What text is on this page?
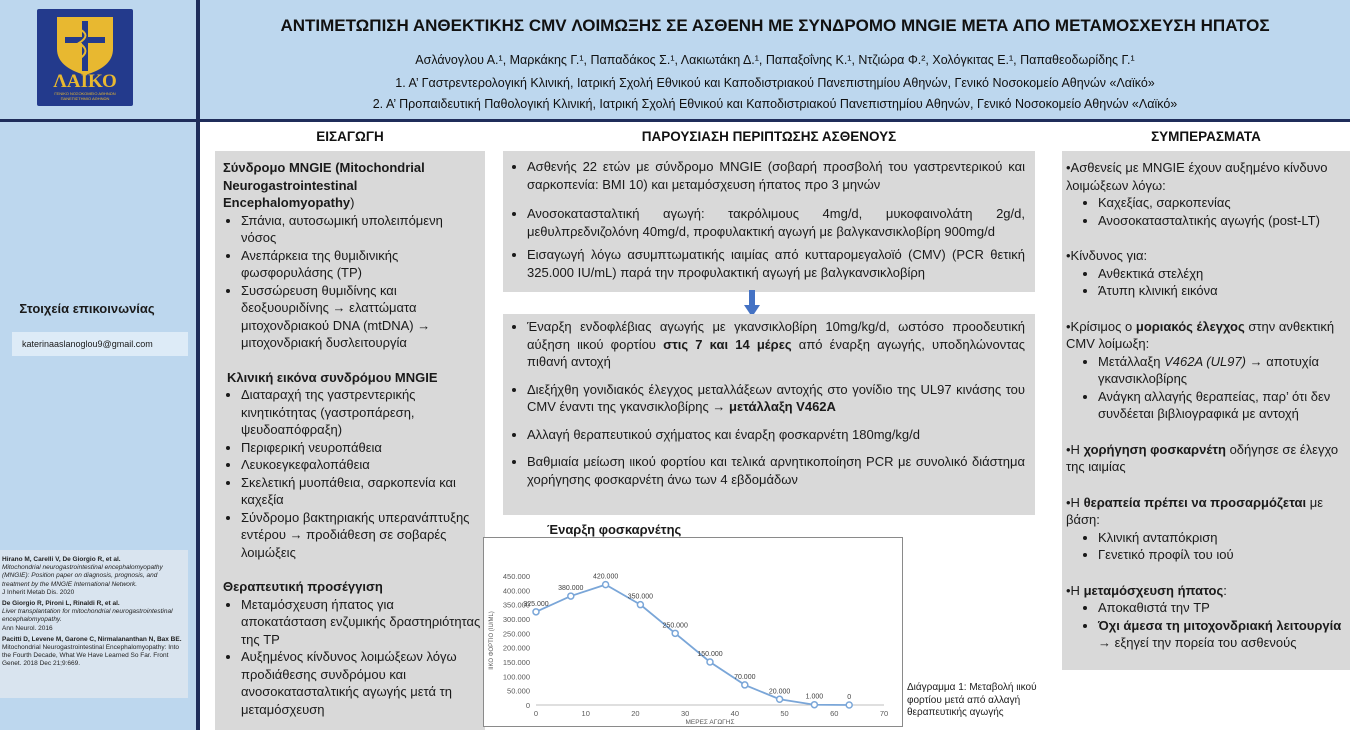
ΛΑΪΚΟ
ΓΕΝΙΚΟ ΝΟΣΟΚΟΜΕΙΟ ΑΘΗΝΩΝ ΠΑΝΕΠΙΣΤΗΜΙΟ ΑΘΗΝΩΝ
ΑΝΤΙΜΕΤΩΠΙΣΗ ΑΝΘΕΚΤΙΚΗΣ CMV ΛΟΙΜΩΞΗΣ ΣΕ ΑΣΘΕΝΗ ΜΕ ΣΥΝΔΡΟΜΟ MNGIE ΜΕΤΑ ΑΠΟ ΜΕΤΑΜΟΣΧΕΥΣΗ ΗΠΑΤΟΣ
Ασλάνογλου Α.¹, Μαρκάκης Γ.¹, Παπαδάκος Σ.¹, Λακιωτάκη Δ.¹, Παπαξοΐνης Κ.¹, Ντζιώρα Φ.², Χολόγκιτας Ε.¹, Παπαθεοδωρίδης Γ.¹
1. Α’ Γαστρεντερολογική Κλινική, Ιατρική Σχολή Εθνικού και Καποδιστριακού Πανεπιστημίου Αθηνών, Γενικό Νοσοκομείο Αθηνών «Λαϊκό»
2. Α’ Προπαιδευτική Παθολογική Κλινική, Ιατρική Σχολή Εθνικού και Καποδιστριακού Πανεπιστημίου Αθηνών, Γενικό Νοσοκομείο Αθηνών «Λαϊκό»
Στοιχεία επικοινωνίας
katerinaaslanoglou9@gmail.com
Hirano M, Carelli V, De Giorgio R, et al.
Mitochondrial neurogastrointestinal encephalomyopathy (MNGIE): Position paper on diagnosis, prognosis, and treatment by the MNGIE International Network.
J Inherit Metab Dis. 2020
De Giorgio R, Pironi L, Rinaldi R, et al.
Liver transplantation for mitochondrial neurogastrointestinal encephalomyopathy.
Ann Neurol. 2016
Pacitti D, Levene M, Garone C, Nirmalananthan N, Bax BE.
Mitochondrial Neurogastrointestinal Encephalomyopathy: Into the Fourth Decade, What We Have Learned So Far. Front Genet. 2018 Dec 21;9:669.
ΕΙΣΑΓΩΓΗ

Σύνδρομο MNGIE (Mitochondrial Neurogastrointestinal Encephalomyopathy)

• Σπάνια, αυτοσωμική υπολειπόμενη νόσος
• Ανεπάρκεια της θυμιδινικής φωσφορυλάσης (TP)
• Συσσώρευση θυμιδίνης και δεοξυουριδίνης → ελαττώματα μιτοχονδριακού DNA (mtDNA) → μιτοχονδριακή δυσλειτουργία

Κλινική εικόνα συνδρόμου MNGIE

• Διαταραχή της γαστρεντερικής κινητικότητας (γαστροπάρεση, ψευδοαπόφραξη)
• Περιφερική νευροπάθεια
• Λευκοεγκεφαλοπάθεια
• Σκελετική μυοπάθεια, σαρκοπενία και καχεξία
• Σύνδρομο βακτηριακής υπερανάπτυξης εντέρου → προδιάθεση σε σοβαρές λοιμώξεις

Θεραπευτική προσέγγιση

• Μεταμόσχευση ήπατος για αποκατάσταση ενζυμικής δραστηριότητας της TP
• Αυξημένος κίνδυνος λοιμώξεων λόγω προδιάθεσης συνδρόμου και ανοσοκατασταλτικής αγωγής μετά τη μεταμόσχευση
ΠΑΡΟΥΣΙΑΣΗ ΠΕΡΙΠΤΩΣΗΣ ΑΣΘΕΝΟΥΣ
• Ασθενής 22 ετών με σύνδρομο MNGIE (σοβαρή προσβολή του γαστρεντερικού και σαρκοπενία: BMI 10) και μεταμόσχευση ήπατος προ 3 μηνών
• Ανοσοκατασταλτική αγωγή: τακρόλιμους 4mg/d, μυκοφαινολάτη 2g/d, μεθυλπρεδνιζολόνη 40mg/d, προφυλακτική αγωγή με βαλγκανσικλοβίρη 900mg/d
• Εισαγωγή λόγω ασυμπτωματικής ιαιμίας από κυτταρομεγαλοϊό (CMV) (PCR θετική 325.000 IU/mL) παρά την προφυλακτική αγωγή με βαλγκανσικλοβίρη
• Έναρξη ενδοφλέβιας αγωγής με γκανσικλοβίρη 10mg/kg/d, ωστόσο προοδευτική αύξηση ιικού φορτίου στις 7 και 14 μέρες από έναρξη αγωγής, υποδηλώνοντας πιθανή αντοχή
• Διεξήχθη γονιδιακός έλεγχος μεταλλάξεων αντοχής στο γονίδιο της UL97 κινάσης του CMV έναντι της γκανσικλοβίρης → μετάλλαξη V462A
• Αλλαγή θεραπευτικού σχήματος και έναρξη φοσκαρνέτη 180mg/kg/d
• Βαθμιαία μείωση ιικού φορτίου και τελικά αρνητικοποίηση PCR με συνολικό διάστημα χορήγησης φοσκαρνέτη άνω των 4 εβδομάδων
Έναρξη φοσκαρνέτης
0
50.000
100.000
150.000
200.000
250.000
300.000
350.000
400.000
450.000
0	10	20	30	40	50	60	70
ΜΕΡΕΣ ΑΓΩΓΗΣ
ΙΙΚΟ ΦΟΡΤΙΟ (IU/ML)
325.000
380.000
420.000
350.000
250.000
150.000
70.000
20.000
1.000	0
Διάγραμμα 1: Μεταβολή ιικού φορτίου μετά από αλλαγή θεραπευτικής αγωγής
ΣΥΜΠΕΡΑΣΜΑΤΑ

•Ασθενείς με MNGIE έχουν αυξημένο κίνδυνο λοιμώξεων λόγω:

• Καχεξίας, σαρκοπενίας
• Ανοσοκατασταλτικής αγωγής (post-LT)

•Κίνδυνος για:

• Ανθεκτικά στελέχη
• Άτυπη κλινική εικόνα

•Κρίσιμος ο μοριακός έλεγχος στην ανθεκτική CMV λοίμωξη:

• Μετάλλαξη V462A (UL97) → αποτυχία γκανσικλοβίρης
• Ανάγκη αλλαγής θεραπείας, παρ’ ότι δεν συνδέεται βιβλιογραφικά με αντοχή

•Η χορήγηση φοσκαρνέτη οδήγησε σε έλεγχο της ιαιμίας

•Η θεραπεία πρέπει να προσαρμόζεται με βάση:

• Κλινική ανταπόκριση
• Γενετικό προφίλ του ιού

•Η μεταμόσχευση ήπατος:

• Αποκαθιστά την TP
• Όχι άμεσα τη μιτοχονδριακή λειτουργία → εξηγεί την πορεία του ασθενούς
